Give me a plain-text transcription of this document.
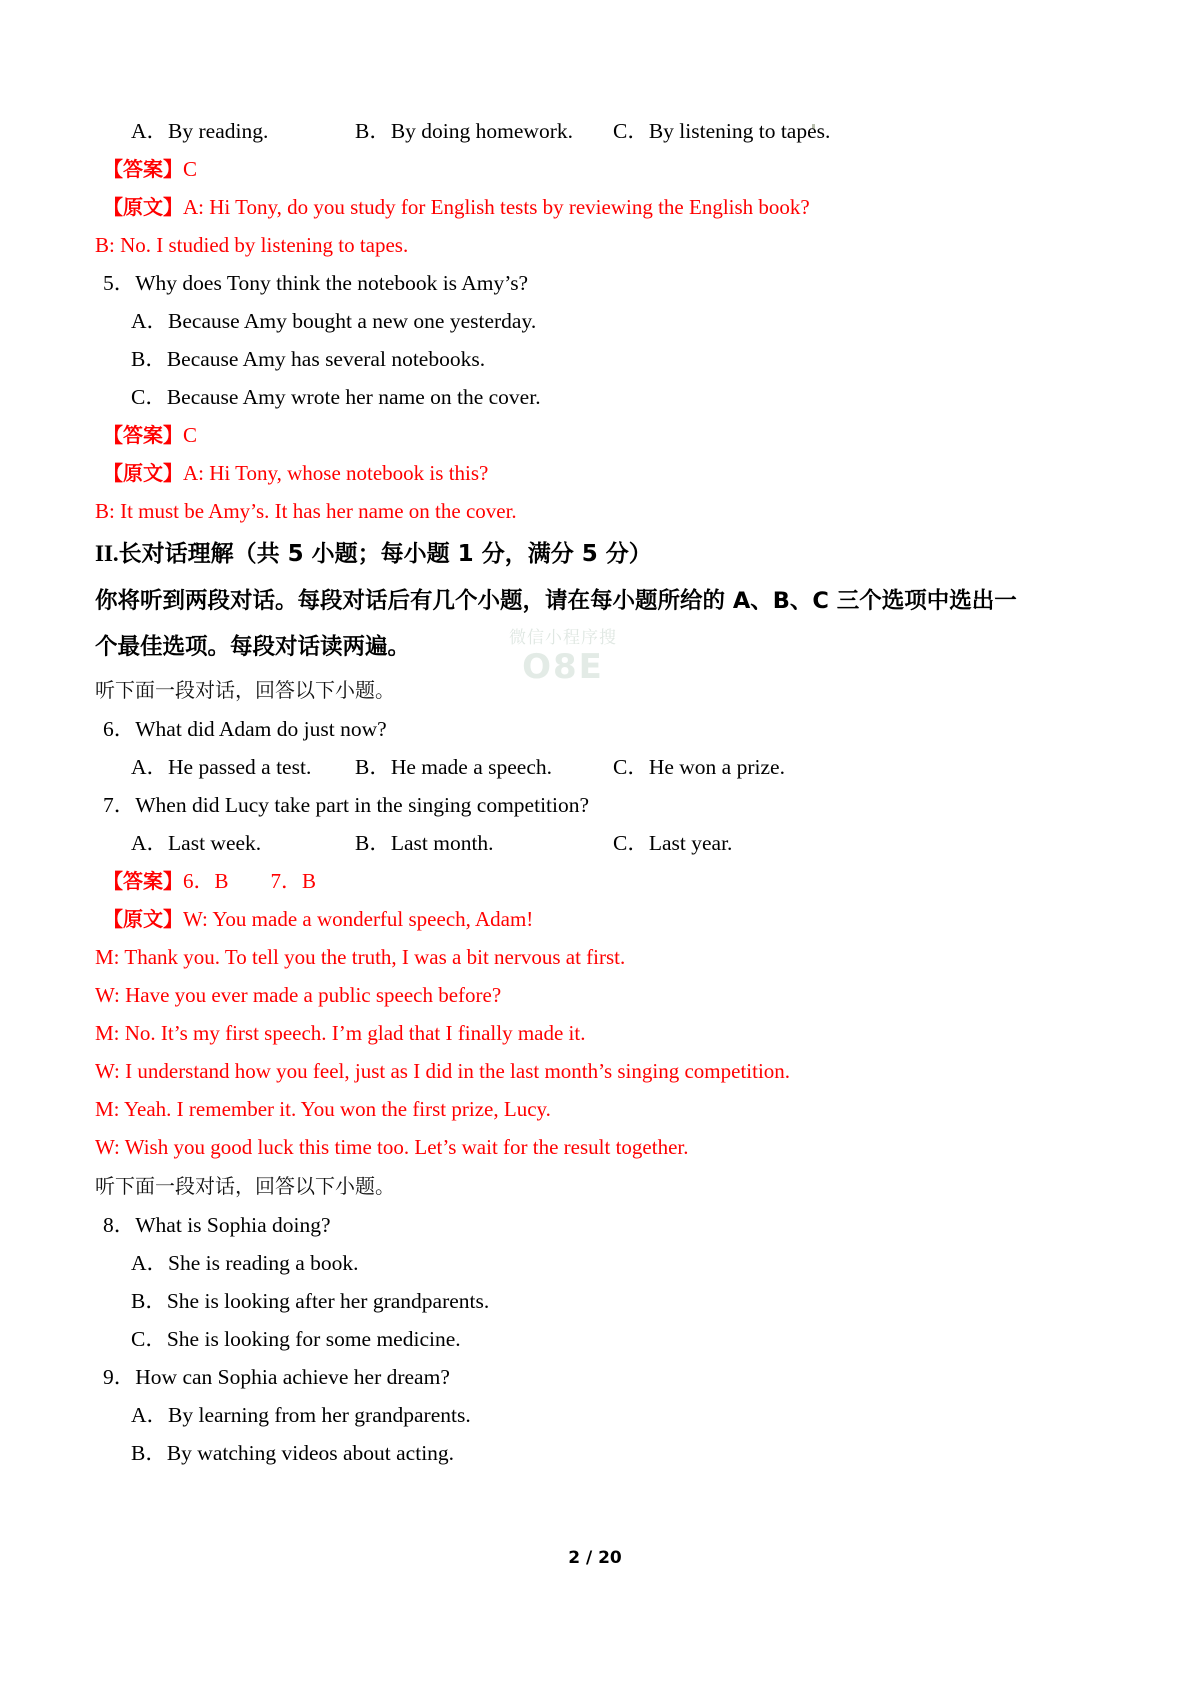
微信小程序搜
O8E
A．By reading.	B．By doing homework. C．By listening to tapes.
【答案】C
【原文】A: Hi Tony, do you study for English tests by reviewing the English book?
B: No. I studied by listening to tapes.
5．Why does Tony think the notebook is Amy’s?
A．Because Amy bought a new one yesterday.
B．Because Amy has several notebooks.
C．Because Amy wrote her name on the cover.
【答案】C
【原文】A: Hi Tony, whose notebook is this?
B: It must be Amy’s. It has her name on the cover.
II.长对话理解（共 5 小题；每小题 1 分，满分 5 分）
你将听到两段对话。每段对话后有几个小题，请在每小题所给的 A、B、C 三个选项中选出一
个最佳选项。每段对话读两遍。
听下面一段对话，回答以下小题。
6．What did Adam do just now?
A．He passed a test. B．He made a speech.	C．He won a prize.
7．When did Lucy take part in the singing competition?
A．Last week.	B．Last month.	C．Last year.
【答案】6．B　　7．B
【原文】W: You made a wonderful speech, Adam!
M: Thank you. To tell you the truth, I was a bit nervous at first.
W: Have you ever made a public speech before?
M: No. It’s my first speech. I’m glad that I finally made it.
W: I understand how you feel, just as I did in the last month’s singing competition.
M: Yeah. I remember it. You won the first prize, Lucy.
W: Wish you good luck this time too. Let’s wait for the result together.
听下面一段对话，回答以下小题。
8．What is Sophia doing?
A．She is reading a book.
B．She is looking after her grandparents.
C．She is looking for some medicine.
9．How can Sophia achieve her dream?
A．By learning from her grandparents.
B．By watching videos about acting.
2 / 20
